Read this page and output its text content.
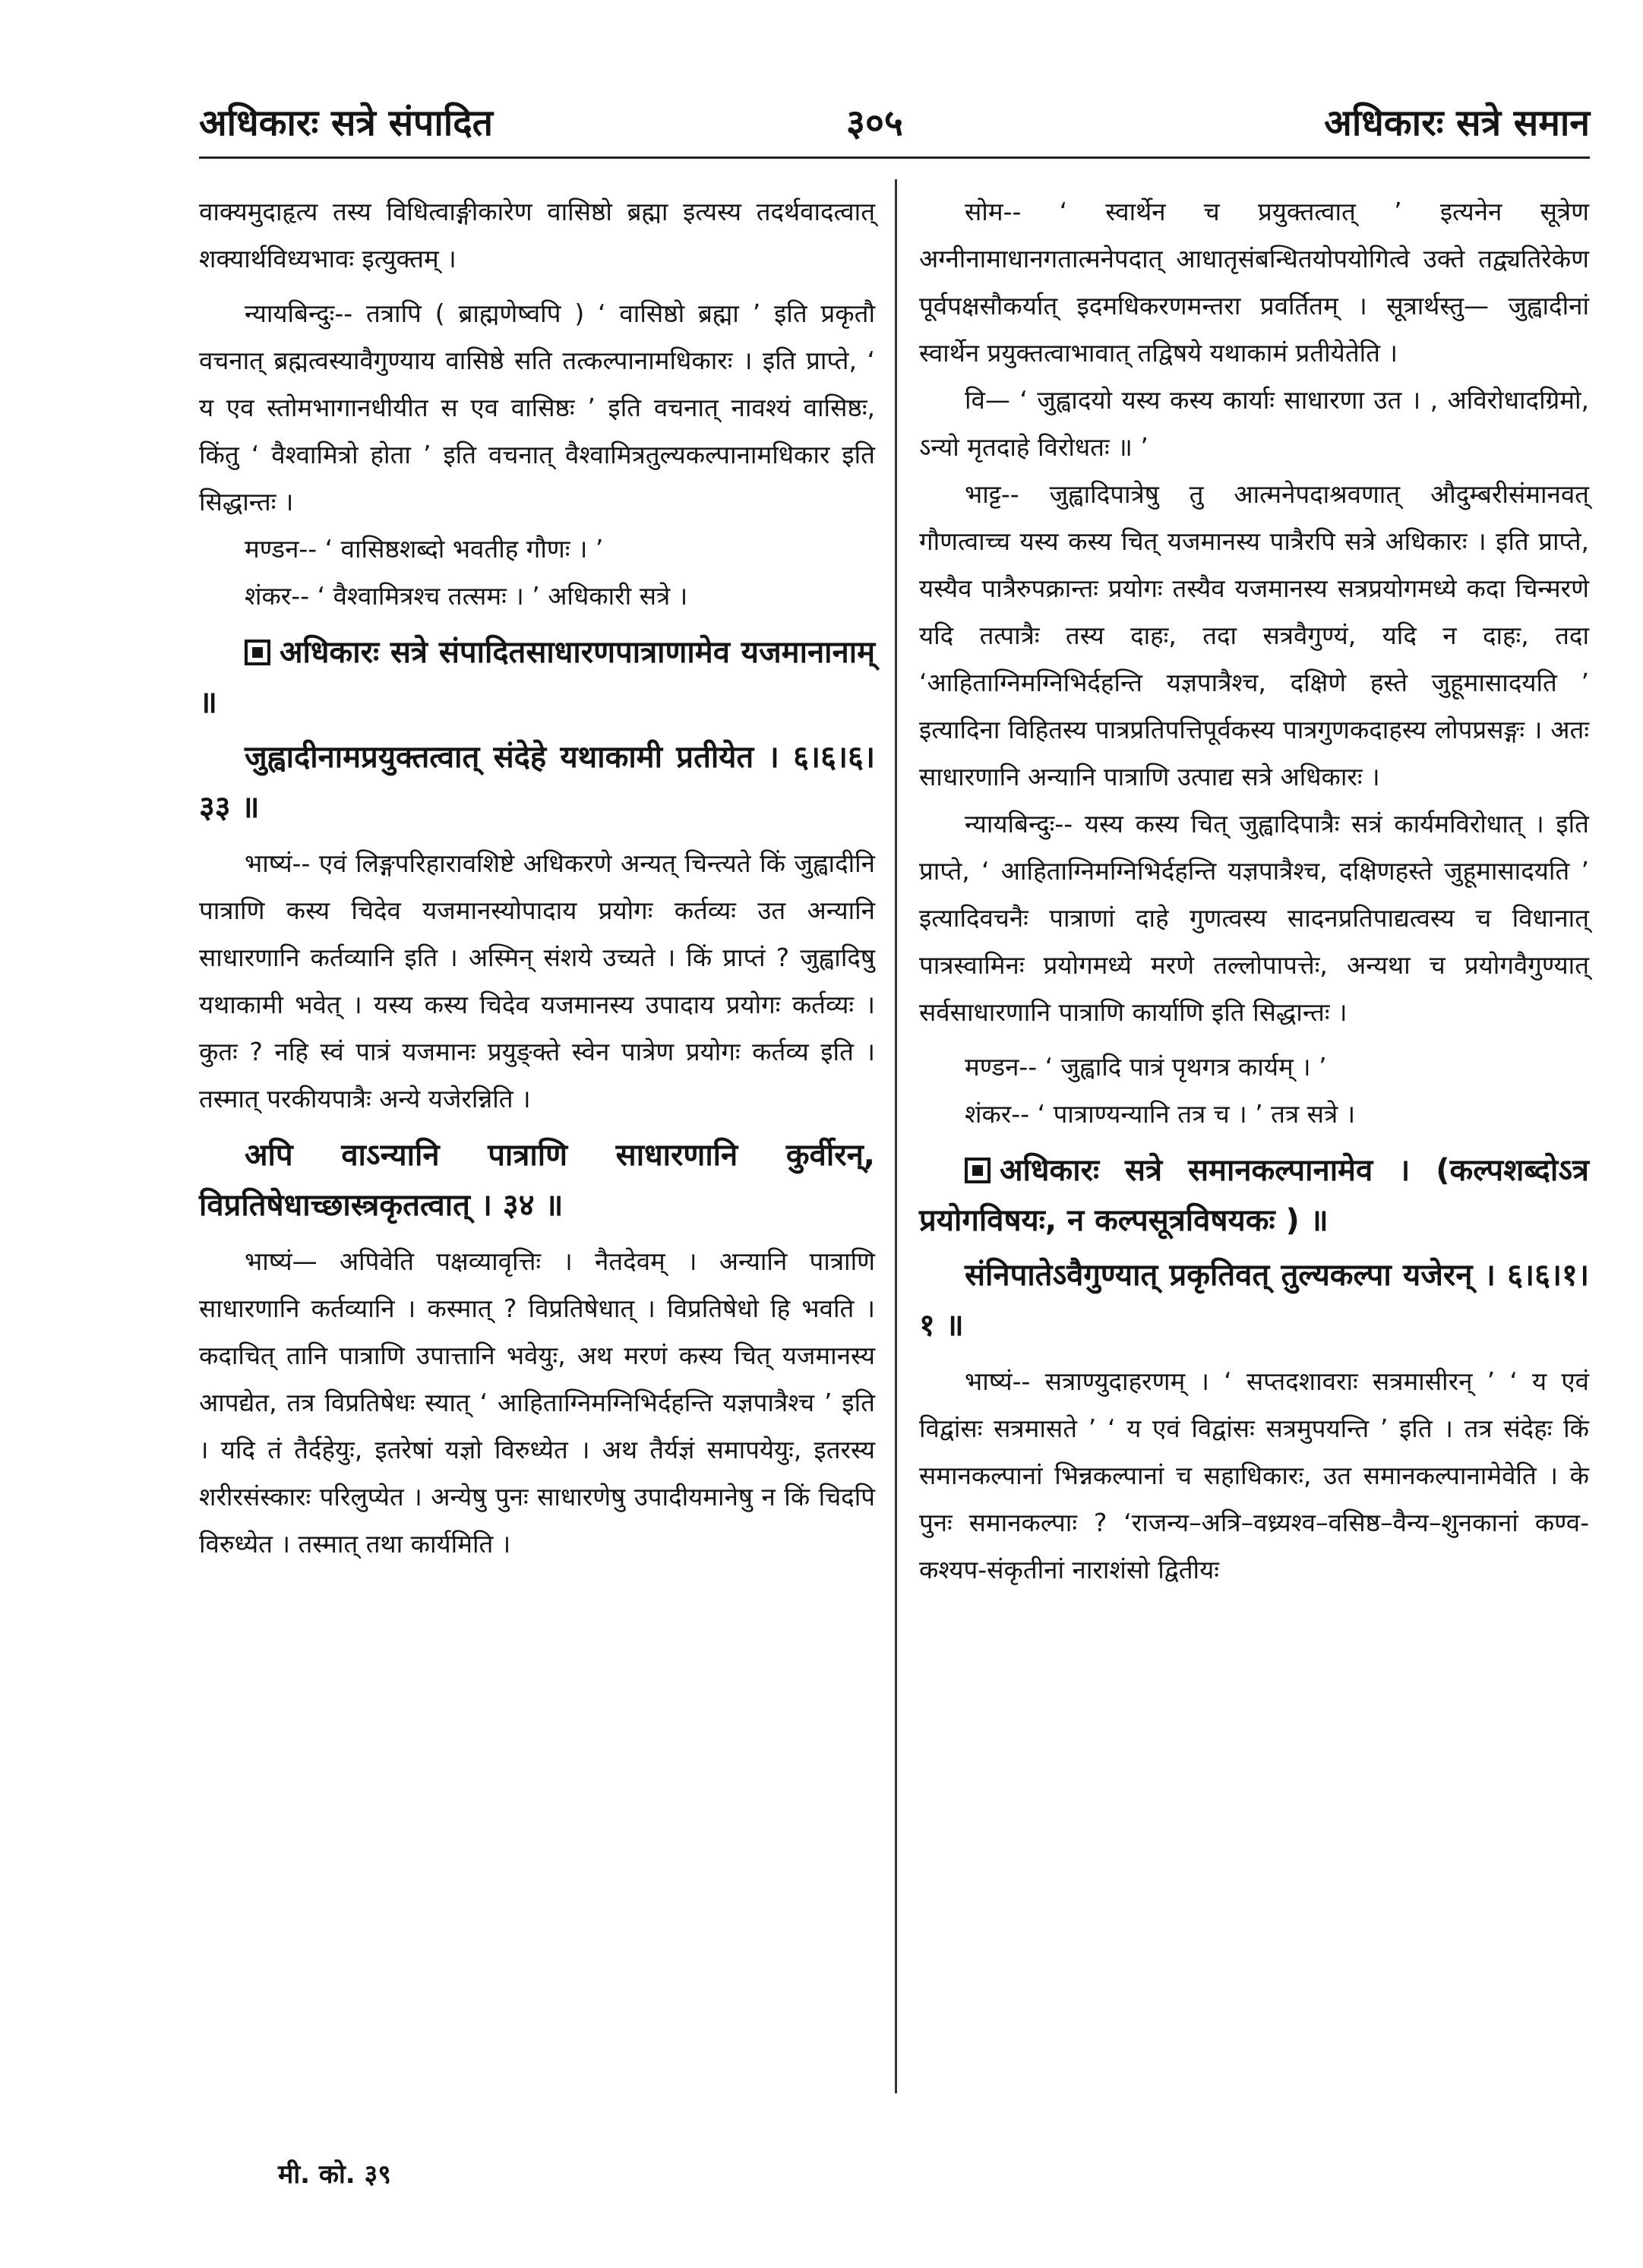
अधिकारः सत्रे संपादित	३०५	अधिकारः सत्रे समान

वाक्यमुदाहृत्य तस्य विधित्वाङ्गीकारेण वासिष्ठो ब्रह्मा इत्यस्य तदर्थवादत्वात् शक्यार्थविध्यभावः इत्युक्तम् ।

न्यायबिन्दुः-- तत्रापि ( ब्राह्मणेष्वपि ) ‘ वासिष्ठो ब्रह्मा ’ इति प्रकृतौ वचनात् ब्रह्मत्वस्यावैगुण्याय वासिष्ठे सति तत्कल्पानामधिकारः । इति प्राप्ते, ‘ य एव स्तोमभागानधीयीत स एव वासिष्ठः ’ इति वचनात् नावश्यं वासिष्ठः, किंतु ‘ वैश्वामित्रो होता ’ इति वचनात् वैश्वामित्रतुल्यकल्पानामधिकार इति सिद्धान्तः ।

मण्डन-- ‘ वासिष्ठशब्दो भवतीह गौणः । ’

शंकर-- ‘ वैश्वामित्रश्च तत्समः । ’ अधिकारी सत्रे ।

अधिकारः सत्रे संपादितसाधारणपात्राणामेव यजमानानाम् ॥

जुह्वादीनामप्रयुक्तत्वात् संदेहे यथाकामी प्रतीयेत । ६।६।६।३३ ॥

भाष्यं-- एवं लिङ्गपरिहारावशिष्टे अधिकरणे अन्यत् चिन्त्यते किं जुह्वादीनि पात्राणि कस्य चिदेव यजमानस्योपादाय प्रयोगः कर्तव्यः उत अन्यानि साधारणानि कर्तव्यानि इति । अस्मिन् संशये उच्यते । किं प्राप्तं ? जुह्वादिषु यथाकामी भवेत् । यस्य कस्य चिदेव यजमानस्य उपादाय प्रयोगः कर्तव्यः । कुतः ? नहि स्वं पात्रं यजमानः प्रयुङ्क्ते स्वेन पात्रेण प्रयोगः कर्तव्य इति । तस्मात् परकीयपात्रैः अन्ये यजेरन्निति ।

अपि वाऽन्यानि पात्राणि साधारणानि कुर्वीरन्, विप्रतिषेधाच्छास्त्रकृतत्वात् । ३४ ॥

भाष्यं— अपिवेति पक्षव्यावृत्तिः । नैतदेवम् । अन्यानि पात्राणि साधारणानि कर्तव्यानि । कस्मात् ? विप्रतिषेधात् । विप्रतिषेधो हि भवति । कदाचित् तानि पात्राणि उपात्तानि भवेयुः, अथ मरणं कस्य चित् यजमानस्य आपद्येत, तत्र विप्रतिषेधः स्यात् ‘ आहिताग्निमग्निभिर्दहन्ति यज्ञपात्रैश्च ’ इति । यदि तं तैर्दहेयुः, इतरेषां यज्ञो विरुध्येत । अथ तैर्यज्ञं समापयेयुः, इतरस्य शरीरसंस्कारः परिलुप्येत । अन्येषु पुनः साधारणेषु उपादीयमानेषु न किं चिदपि विरुध्येत । तस्मात् तथा कार्यमिति ।

सोम-- ‘ स्वार्थेन च प्रयुक्तत्वात् ’ इत्यनेन सूत्रेण अग्नीनामाधानगतात्मनेपदात् आधातृसंबन्धितयोपयोगित्वे उक्ते तद्व्यतिरेकेण पूर्वपक्षसौकर्यात् इदमधिकरणमन्तरा प्रवर्तितम् । सूत्रार्थस्तु— जुह्वादीनां स्वार्थेन प्रयुक्तत्वाभावात् तद्विषये यथाकामं प्रतीयेतेति ।

वि— ‘ जुह्वादयो यस्य कस्य कार्याः साधारणा उत । , अविरोधादग्रिमो, ऽन्यो मृतदाहे विरोधतः ॥ ’

भाट्ट-- जुह्वादिपात्रेषु तु आत्मनेपदाश्रवणात् औदुम्बरीसंमानवत् गौणत्वाच्च यस्य कस्य चित् यजमानस्य पात्रैरपि सत्रे अधिकारः । इति प्राप्ते, यस्यैव पात्रैरुपक्रान्तः प्रयोगः तस्यैव यजमानस्य सत्रप्रयोगमध्ये कदा चिन्मरणे यदि तत्पात्रैः तस्य दाहः, तदा सत्रवैगुण्यं, यदि न दाहः, तदा ‘आहिताग्निमग्निभिर्दहन्ति यज्ञपात्रैश्च, दक्षिणे हस्ते जुहूमासादयति ’ इत्यादिना विहितस्य पात्रप्रतिपत्तिपूर्वकस्य पात्रगुणकदाहस्य लोपप्रसङ्गः । अतः साधारणानि अन्यानि पात्राणि उत्पाद्य सत्रे अधिकारः ।

न्यायबिन्दुः-- यस्य कस्य चित् जुह्वादिपात्रैः सत्रं कार्यमविरोधात् । इति प्राप्ते, ‘ आहिताग्निमग्निभिर्दहन्ति यज्ञपात्रैश्च, दक्षिणहस्ते जुहूमासादयति ’ इत्यादिवचनैः पात्राणां दाहे गुणत्वस्य सादनप्रतिपाद्यत्वस्य च विधानात् पात्रस्वामिनः प्रयोगमध्ये मरणे तल्लोपापत्तेः, अन्यथा च प्रयोगवैगुण्यात् सर्वसाधारणानि पात्राणि कार्याणि इति सिद्धान्तः ।

मण्डन-- ‘ जुह्वादि पात्रं पृथगत्र कार्यम् । ’

शंकर-- ‘ पात्राण्यन्यानि तत्र च । ’ तत्र सत्रे ।

अधिकारः सत्रे समानकल्पानामेव । (कल्पशब्दोऽत्र प्रयोगविषयः, न कल्पसूत्रविषयकः ) ॥

संनिपातेऽवैगुण्यात् प्रकृतिवत् तुल्यकल्पा यजेरन् । ६।६।१।१ ॥

भाष्यं-- सत्राण्युदाहरणम् । ‘ सप्तदशावराः सत्रमासीरन् ’ ‘ य एवं विद्वांसः सत्रमासते ’ ‘ य एवं विद्वांसः सत्रमुपयन्ति ’ इति । तत्र संदेहः किं समानकल्पानां भिन्नकल्पानां च सहाधिकारः, उत समानकल्पानामेवेति । के पुनः समानकल्पाः ? ‘राजन्य–अत्रि–वध्र्यश्व–वसिष्ठ–वैन्य–शुनकानां कण्व-कश्यप-संकृतीनां नाराशंसो द्वितीयः

मी. को. ३९
